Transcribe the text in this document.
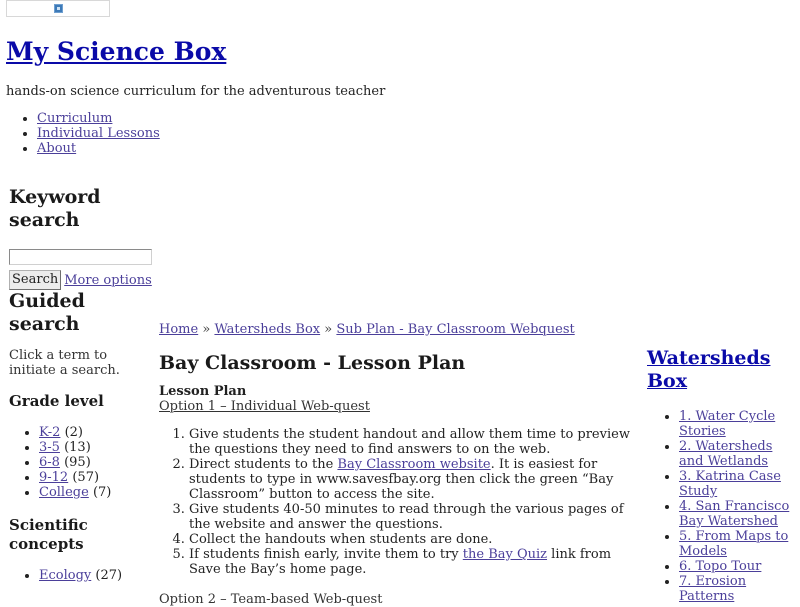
My Science Box
hands-on science curriculum for the adventurous teacher
• Curriculum
• Individual Lessons
• About
Keyword search
Search More options
Guided search
Click a term to initiate a search.
Grade level
• K-2 (2)
• 3-5 (13)
• 6-8 (95)
• 9-12 (57)
• College (7)
Scientific concepts
• Ecology (27)
Home » Watersheds Box » Sub Plan - Bay Classroom Webquest
Bay Classroom - Lesson Plan
Lesson Plan
Option 1 – Individual Web-quest
1. Give students the student handout and allow them time to preview the questions they need to find answers to on the web.
2. Direct students to the Bay Classroom website. It is easiest for students to type in www.savesfbay.org then click the green “Bay Classroom” button to access the site.
3. Give students 40-50 minutes to read through the various pages of the website and answer the questions.
4. Collect the handouts when students are done.
5. If students finish early, invite them to try the Bay Quiz link from Save the Bay’s home page.
Option 2 – Team-based Web-quest
Watersheds Box
• 1. Water Cycle Stories
• 2. Watersheds and Wetlands
• 3. Katrina Case Study
• 4. San Francisco Bay Watershed
• 5. From Maps to Models
• 6. Topo Tour
• 7. Erosion Patterns
